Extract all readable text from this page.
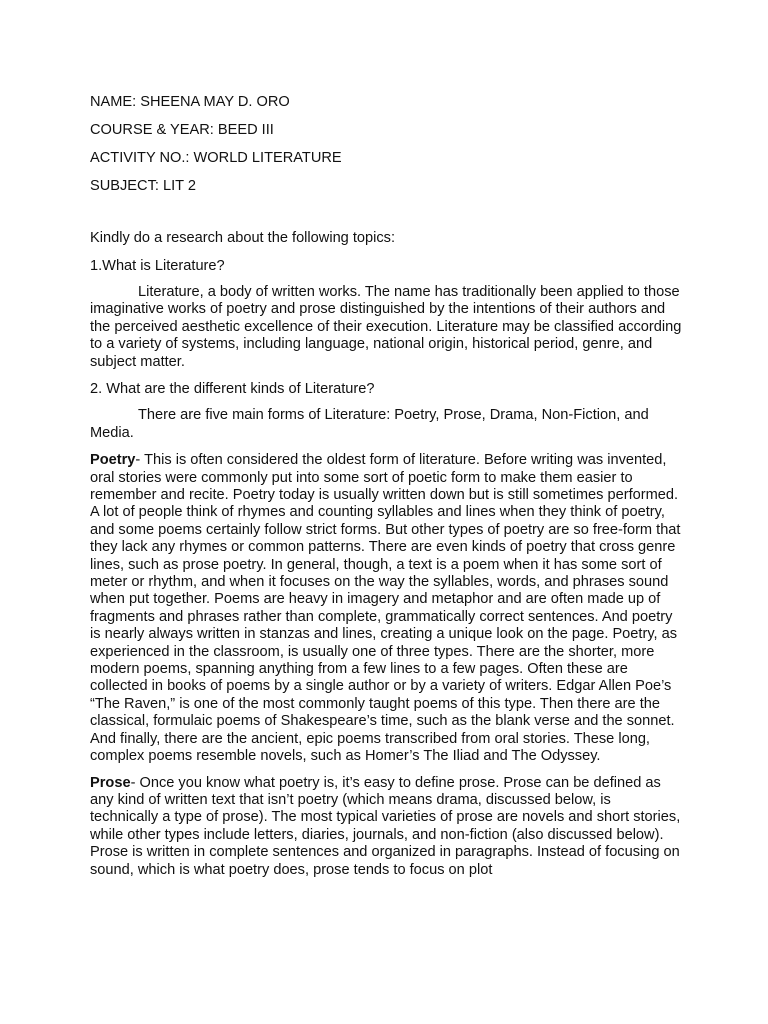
NAME: SHEENA MAY D. ORO
COURSE & YEAR: BEED III
ACTIVITY NO.: WORLD LITERATURE
SUBJECT: LIT 2
Kindly do a research about the following topics:
1.What is Literature?
Literature, a body of written works. The name has traditionally been applied to those imaginative works of poetry and prose distinguished by the intentions of their authors and the perceived aesthetic excellence of their execution. Literature may be classified according to a variety of systems, including language, national origin, historical period, genre, and subject matter.
2. What are the different kinds of Literature?
There are five main forms of Literature: Poetry, Prose, Drama, Non-Fiction, and Media.
Poetry- This is often considered the oldest form of literature. Before writing was invented, oral stories were commonly put into some sort of poetic form to make them easier to remember and recite. Poetry today is usually written down but is still sometimes performed. A lot of people think of rhymes and counting syllables and lines when they think of poetry, and some poems certainly follow strict forms. But other types of poetry are so free-form that they lack any rhymes or common patterns. There are even kinds of poetry that cross genre lines, such as prose poetry. In general, though, a text is a poem when it has some sort of meter or rhythm, and when it focuses on the way the syllables, words, and phrases sound when put together. Poems are heavy in imagery and metaphor and are often made up of fragments and phrases rather than complete, grammatically correct sentences. And poetry is nearly always written in stanzas and lines, creating a unique look on the page. Poetry, as experienced in the classroom, is usually one of three types. There are the shorter, more modern poems, spanning anything from a few lines to a few pages. Often these are collected in books of poems by a single author or by a variety of writers. Edgar Allen Poe’s “The Raven,” is one of the most commonly taught poems of this type. Then there are the classical, formulaic poems of Shakespeare’s time, such as the blank verse and the sonnet. And finally, there are the ancient, epic poems transcribed from oral stories. These long, complex poems resemble novels, such as Homer’s The Iliad and The Odyssey.
Prose- Once you know what poetry is, it’s easy to define prose. Prose can be defined as any kind of written text that isn’t poetry (which means drama, discussed below, is technically a type of prose). The most typical varieties of prose are novels and short stories, while other types include letters, diaries, journals, and non-fiction (also discussed below). Prose is written in complete sentences and organized in paragraphs. Instead of focusing on sound, which is what poetry does, prose tends to focus on plot
